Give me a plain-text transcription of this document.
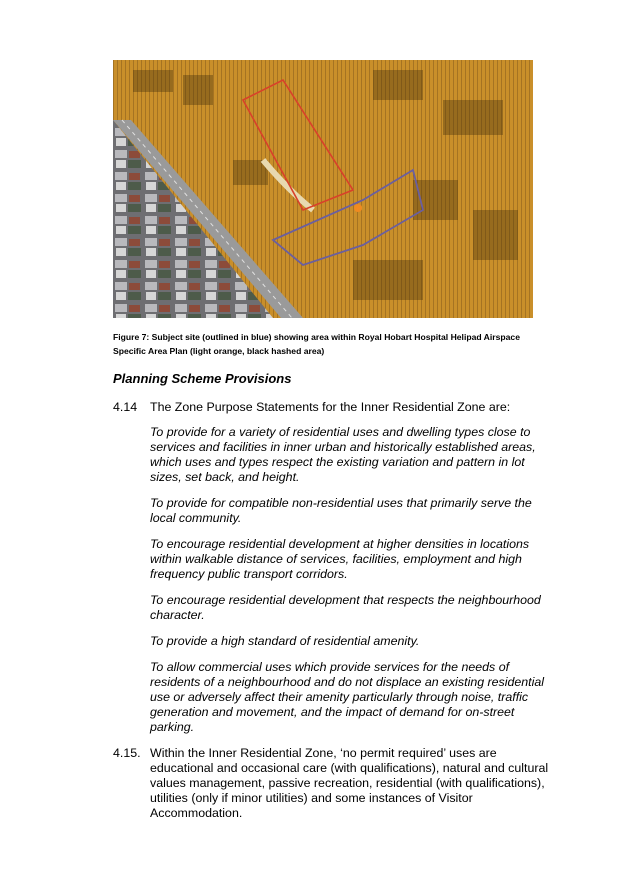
Figure 7: Subject site (outlined in blue) showing area within Royal Hobart Hospital Helipad Airspace Specific Area Plan (light orange, black hashed area)
Planning Scheme Provisions
4.14 The Zone Purpose Statements for the Inner Residential Zone are:
To provide for a variety of residential uses and dwelling types close to services and facilities in inner urban and historically established areas, which uses and types respect the existing variation and pattern in lot sizes, set back, and height.
To provide for compatible non-residential uses that primarily serve the local community.
To encourage residential development at higher densities in locations within walkable distance of services, facilities, employment and high frequency public transport corridors.
To encourage residential development that respects the neighbourhood character.
To provide a high standard of residential amenity.
To allow commercial uses which provide services for the needs of residents of a neighbourhood and do not displace an existing residential use or adversely affect their amenity particularly through noise, traffic generation and movement, and the impact of demand for on-street parking.
4.15. Within the Inner Residential Zone, ‘no permit required’ uses are educational and occasional care (with qualifications), natural and cultural values management, passive recreation, residential (with qualifications), utilities (only if minor utilities) and some instances of Visitor Accommodation.
